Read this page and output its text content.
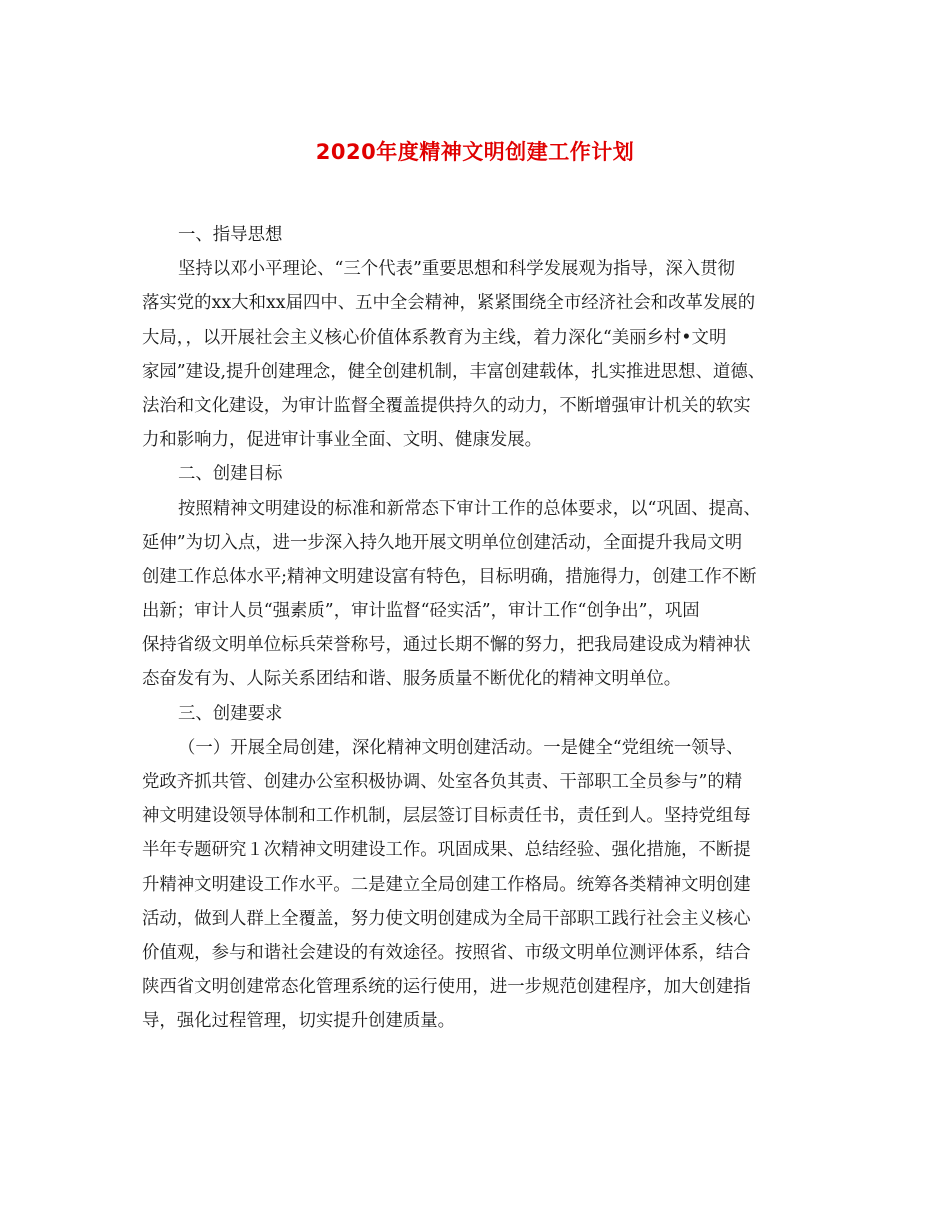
2020年度精神文明创建工作计划
一、指导思想
坚持以邓小平理论、“三个代表”重要思想和科学发展观为指导，深入贯彻
落实党的xx大和xx届四中、五中全会精神，紧紧围绕全市经济社会和改革发展的
大局，，以开展社会主义核心价值体系教育为主线，着力深化“美丽乡村•文明
家园”建设,提升创建理念，健全创建机制，丰富创建载体，扎实推进思想、道德、
法治和文化建设，为审计监督全覆盖提供持久的动力，不断增强审计机关的软实
力和影响力，促进审计事业全面、文明、健康发展。
二、创建目标
按照精神文明建设的标准和新常态下审计工作的总体要求，以“巩固、提高、
延伸”为切入点，进一步深入持久地开展文明单位创建活动，全面提升我局文明
创建工作总体水平;精神文明建设富有特色，目标明确，措施得力，创建工作不断
出新；审计人员“强素质”，审计监督“硁实活”，审计工作“创争出”，巩固
保持省级文明单位标兵荣誉称号，通过长期不懈的努力，把我局建设成为精神状
态奋发有为、人际关系团结和谐、服务质量不断优化的精神文明单位。
三、创建要求
（一）开展全局创建，深化精神文明创建活动。一是健全“党组统一领导、
党政齐抓共管、创建办公室积极协调、处室各负其责、干部职工全员参与”的精
神文明建设领导体制和工作机制，层层签订目标责任书，责任到人。坚持党组每
半年专题研究１次精神文明建设工作。巩固成果、总结经验、强化措施，不断提
升精神文明建设工作水平。二是建立全局创建工作格局。统筹各类精神文明创建
活动，做到人群上全覆盖，努力使文明创建成为全局干部职工践行社会主义核心
价值观，参与和谐社会建设的有效途径。按照省、市级文明单位测评体系，结合
陕西省文明创建常态化管理系统的运行使用，进一步规范创建程序，加大创建指
导，强化过程管理，切实提升创建质量。
